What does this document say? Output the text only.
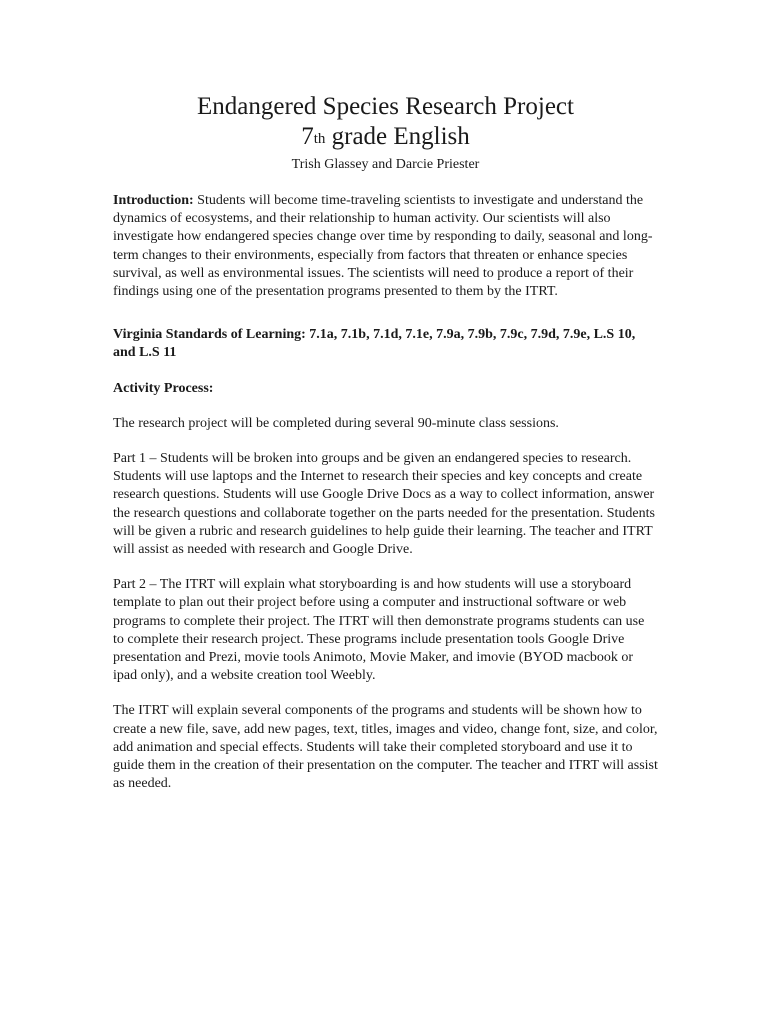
Endangered Species Research Project
7th grade English

Trish Glassey and Darcie Priester

Introduction: Students will become time-traveling scientists to investigate and understand the dynamics of ecosystems, and their relationship to human activity. Our scientists will also investigate how endangered species change over time by responding to daily, seasonal and long-term changes to their environments, especially from factors that threaten or enhance species survival, as well as environmental issues. The scientists will need to produce a report of their findings using one of the presentation programs presented to them by the ITRT.

Virginia Standards of Learning: 7.1a, 7.1b, 7.1d, 7.1e, 7.9a, 7.9b, 7.9c, 7.9d, 7.9e, L.S 10, and L.S 11

Activity Process:

The research project will be completed during several 90-minute class sessions.

Part 1 – Students will be broken into groups and be given an endangered species to research. Students will use laptops and the Internet to research their species and key concepts and create research questions. Students will use Google Drive Docs as a way to collect information, answer the research questions and collaborate together on the parts needed for the presentation. Students will be given a rubric and research guidelines to help guide their learning. The teacher and ITRT will assist as needed with research and Google Drive.

Part 2 – The ITRT will explain what storyboarding is and how students will use a storyboard template to plan out their project before using a computer and instructional software or web programs to complete their project. The ITRT will then demonstrate programs students can use to complete their research project. These programs include presentation tools Google Drive presentation and Prezi, movie tools Animoto, Movie Maker, and imovie (BYOD macbook or ipad only), and a website creation tool Weebly.

The ITRT will explain several components of the programs and students will be shown how to create a new file, save, add new pages, text, titles, images and video, change font, size, and color, add animation and special effects. Students will take their completed storyboard and use it to guide them in the creation of their presentation on the computer. The teacher and ITRT will assist as needed.
